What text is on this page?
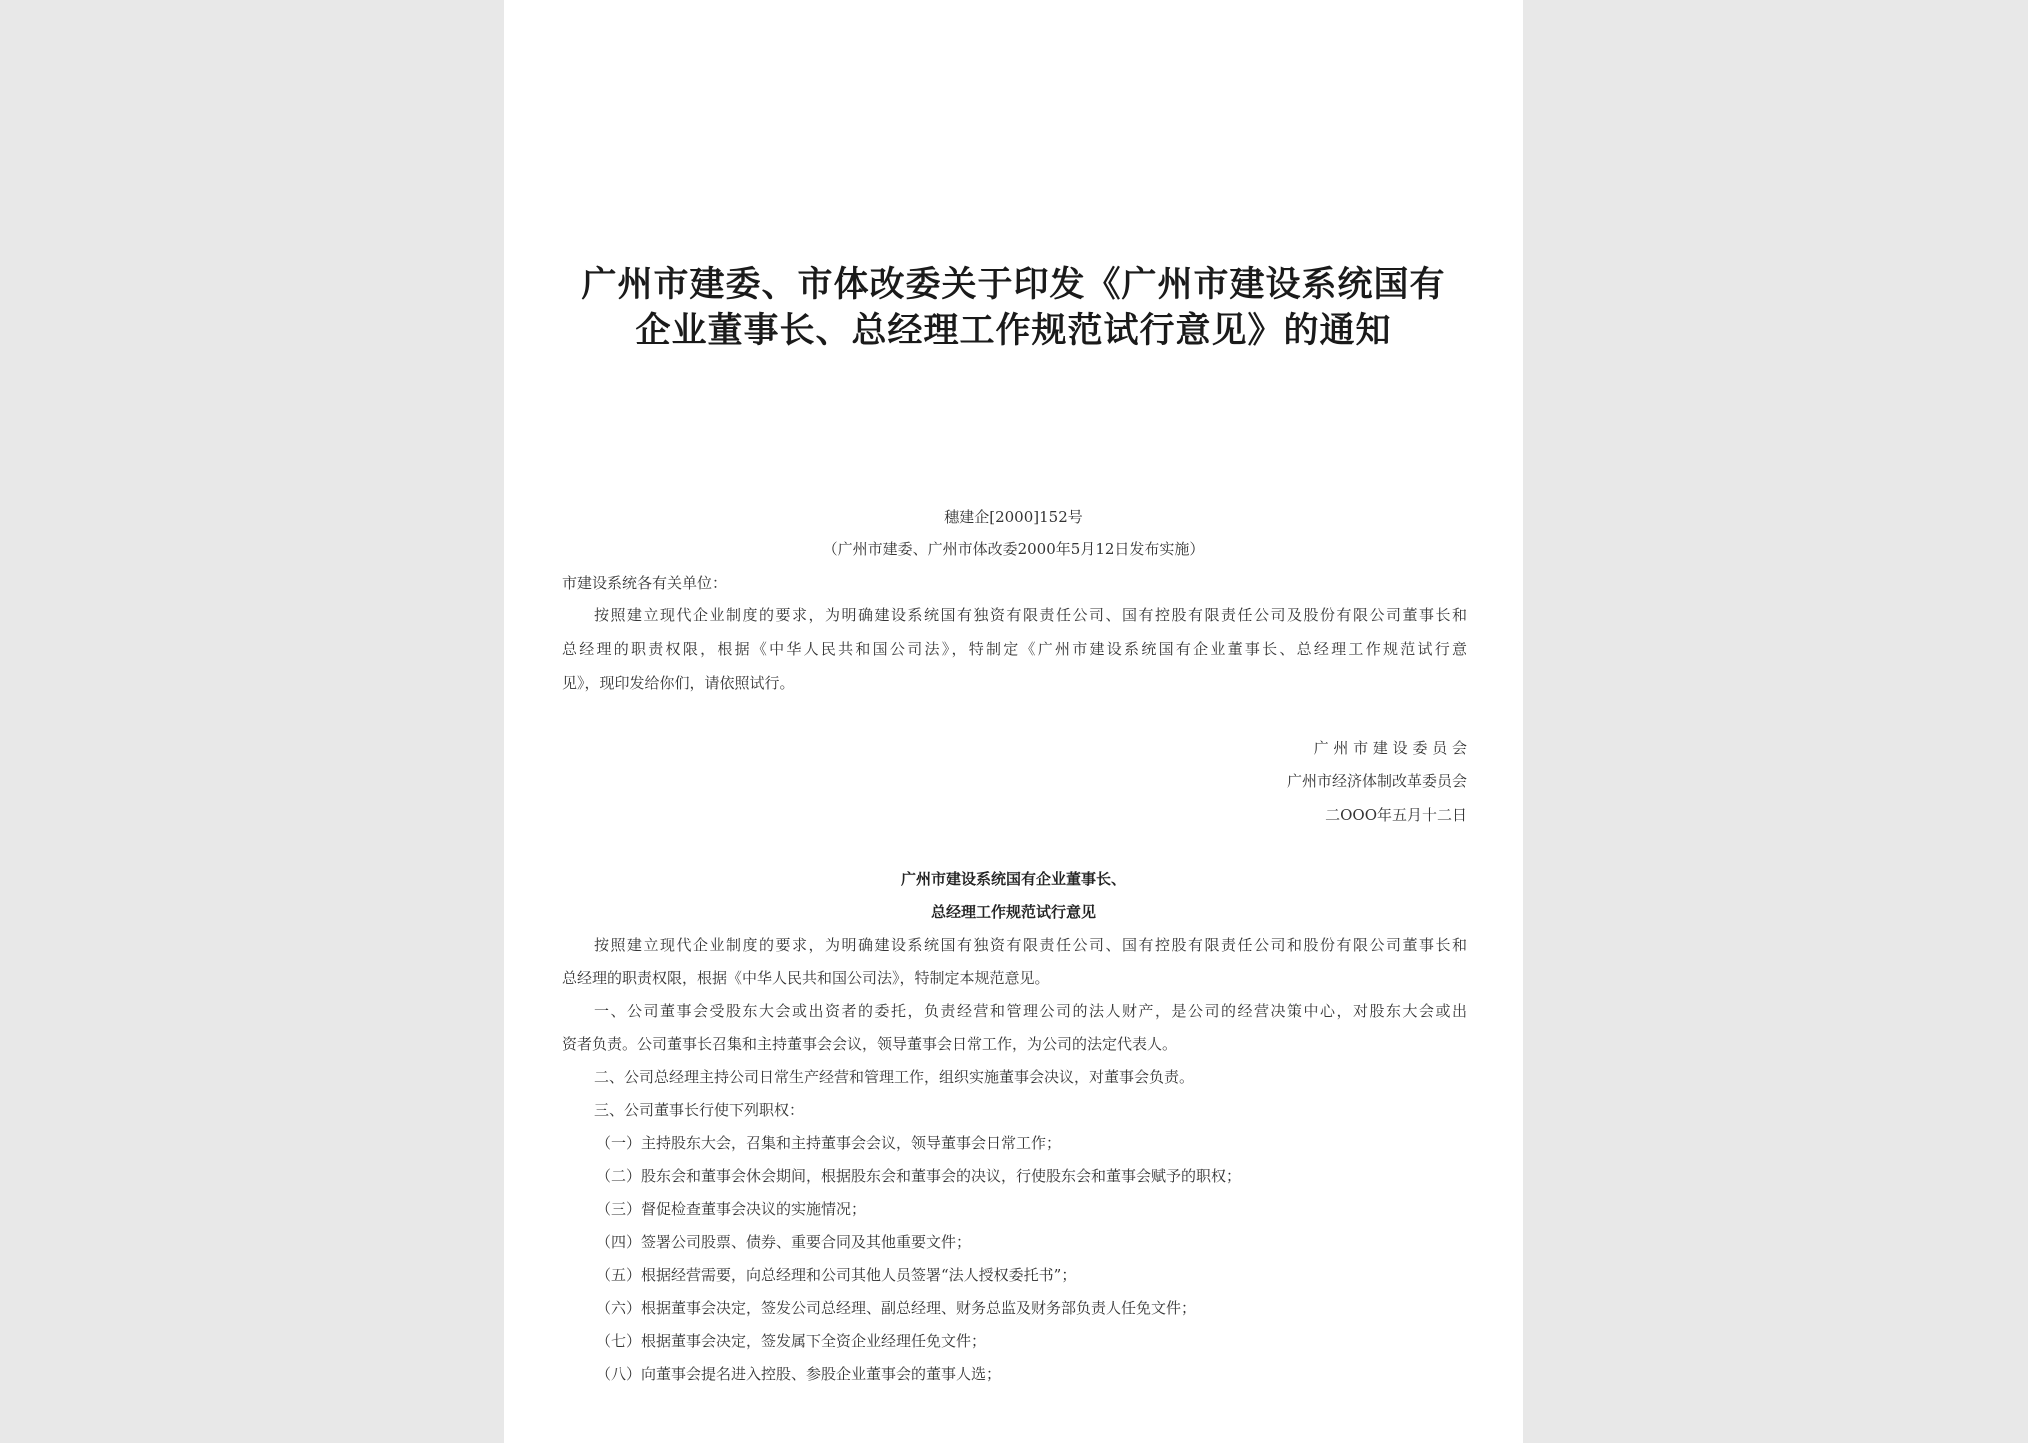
广州市建委、市体改委关于印发《广州市建设系统国有
企业董事长、总经理工作规范试行意见》的通知
穗建企[2000]152号
（广州市建委、广州市体改委2000年5月12日发布实施）
市建设系统各有关单位：
按照建立现代企业制度的要求，为明确建设系统国有独资有限责任公司、国有控股有限责任公司及股份有限公司董事长和
总经理的职责权限，根据《中华人民共和国公司法》，特制定《广州市建设系统国有企业董事长、总经理工作规范试行意
见》，现印发给你们，请依照试行。
广 州 市 建 设 委 员 会
广州市经济体制改革委员会
二OOO年五月十二日
广州市建设系统国有企业董事长、
总经理工作规范试行意见
按照建立现代企业制度的要求，为明确建设系统国有独资有限责任公司、国有控股有限责任公司和股份有限公司董事长和
总经理的职责权限，根据《中华人民共和国公司法》，特制定本规范意见。
一、公司董事会受股东大会或出资者的委托，负责经营和管理公司的法人财产，是公司的经营决策中心，对股东大会或出
资者负责。公司董事长召集和主持董事会会议，领导董事会日常工作，为公司的法定代表人。
二、公司总经理主持公司日常生产经营和管理工作，组织实施董事会决议，对董事会负责。
三、公司董事长行使下列职权：
（一）主持股东大会，召集和主持董事会会议，领导董事会日常工作；
（二）股东会和董事会休会期间，根据股东会和董事会的决议，行使股东会和董事会赋予的职权；
（三）督促检查董事会决议的实施情况；
（四）签署公司股票、债券、重要合同及其他重要文件；
（五）根据经营需要，向总经理和公司其他人员签署“法人授权委托书”；
（六）根据董事会决定，签发公司总经理、副总经理、财务总监及财务部负责人任免文件；
（七）根据董事会决定，签发属下全资企业经理任免文件；
（八）向董事会提名进入控股、参股企业董事会的董事人选；
